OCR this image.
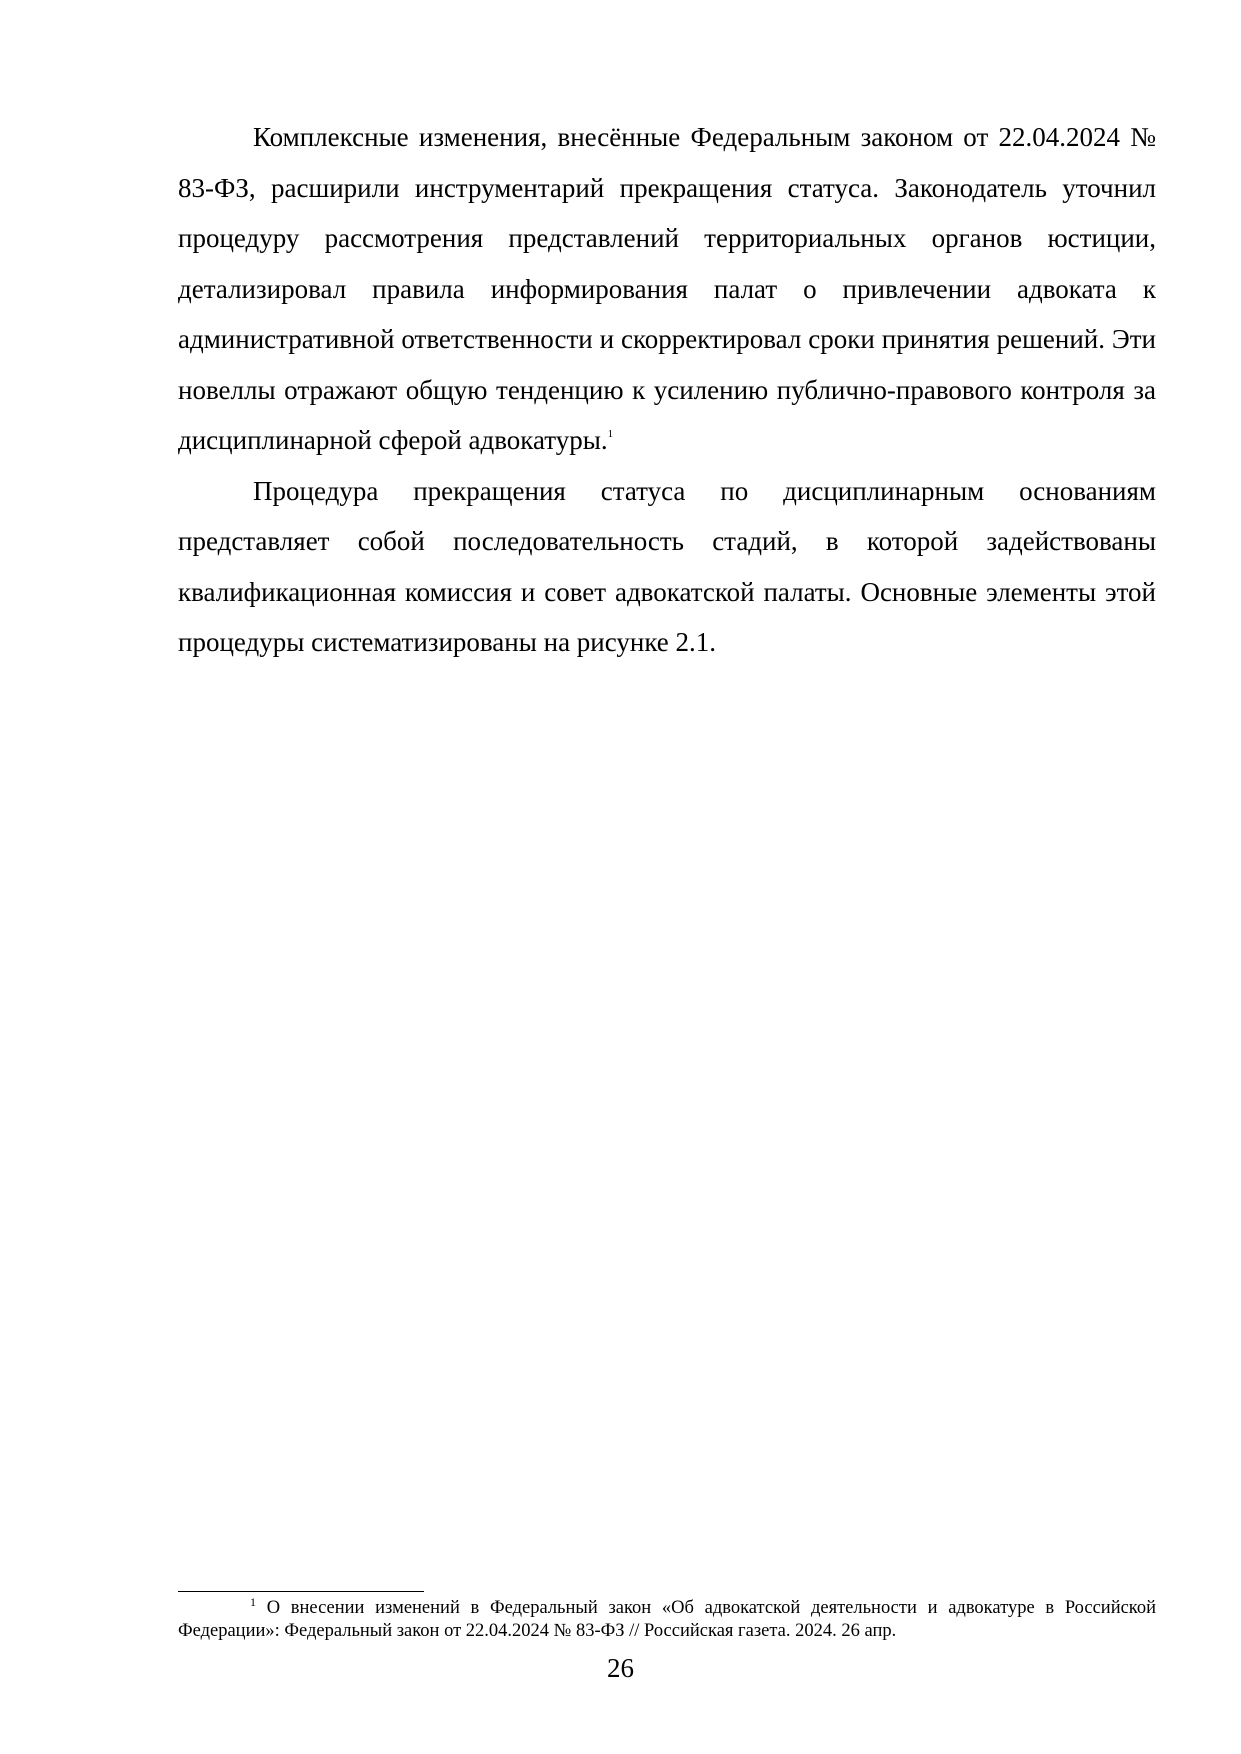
Комплексные изменения, внесённые Федеральным законом от 22.04.2024 № 83-ФЗ, расширили инструментарий прекращения статуса. Законодатель уточнил процедуру рассмотрения представлений территориальных органов юстиции, детализировал правила информирования палат о привлечении адвоката к административной ответственности и скорректировал сроки принятия решений. Эти новеллы отражают общую тенденцию к усилению публично-правового контроля за дисциплинарной сферой адвокатуры.$^1$

Процедура прекращения статуса по дисциплинарным основаниям представляет собой последовательность стадий, в которой задействованы квалификационная комиссия и совет адвокатской палаты. Основные элементы этой процедуры систематизированы на рисунке 2.1.

$^1$ О внесении изменений в Федеральный закон «Об адвокатской деятельности и адвокатуре в Российской Федерации»: Федеральный закон от 22.04.2024 № 83-ФЗ // Российская газета. 2024. 26 апр.

26
